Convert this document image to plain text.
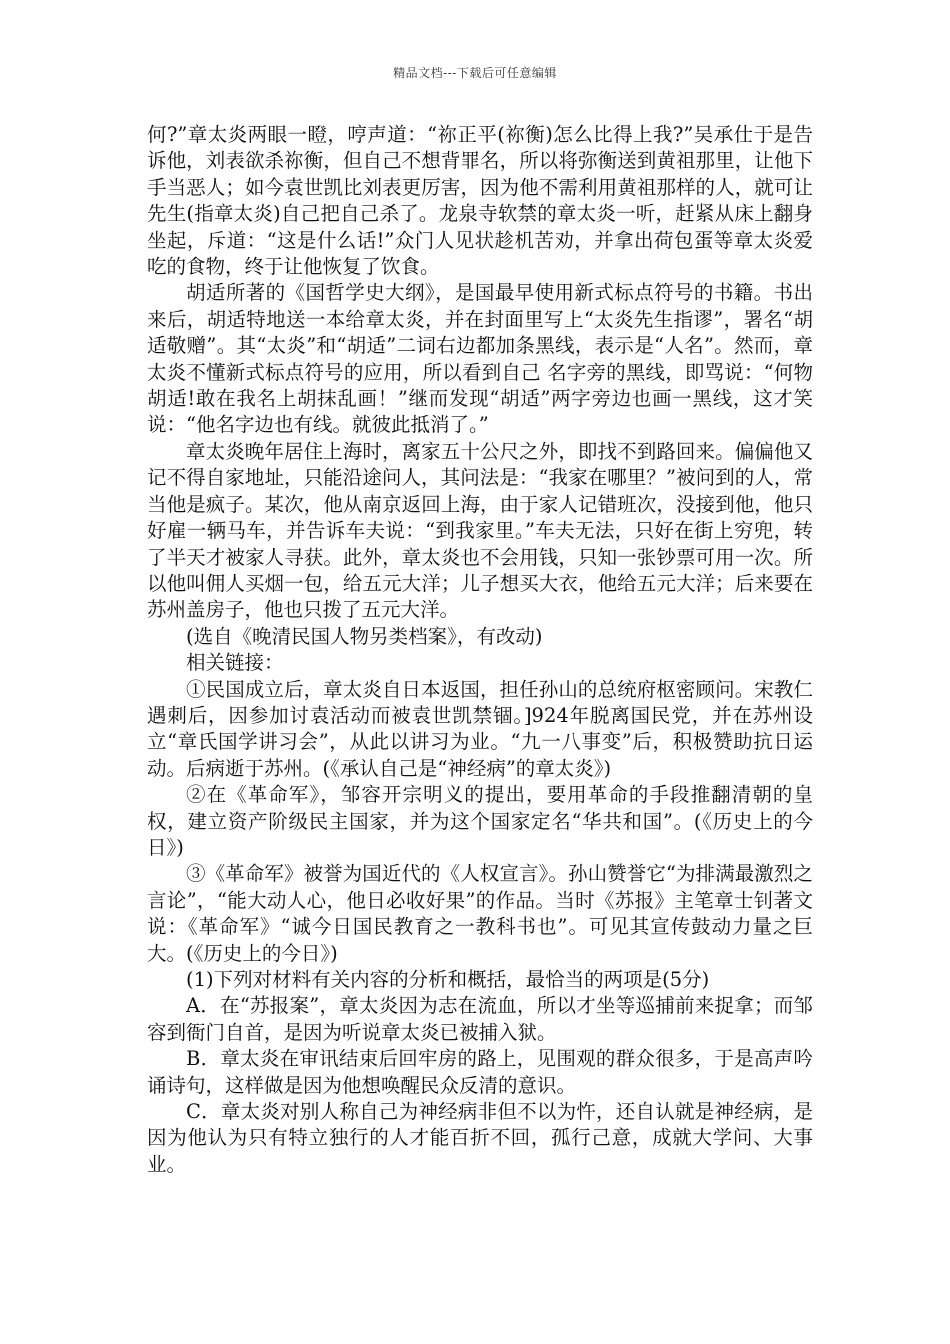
精品文档---下载后可任意编辑

何?”章太炎两眼一瞪，哼声道：“祢正平(祢衡)怎么比得上我?”吴承仕于是告诉他，刘表欲杀祢衡，但自己不想背罪名，所以将弥衡送到黄祖那里，让他下手当恶人；如今袁世凯比刘表更厉害，因为他不需利用黄祖那样的人，就可让先生(指章太炎)自己把自己杀了。龙泉寺软禁的章太炎一听，赶紧从床上翻身坐起，斥道：“这是什么话!”众门人见状趁机苦劝，并拿出荷包蛋等章太炎爱吃的食物，终于让他恢复了饮食。

胡适所著的《国哲学史大纲》，是国最早使用新式标点符号的书籍。书出来后，胡适特地送一本给章太炎，并在封面里写上“太炎先生指谬”，署名“胡适敬赠”。其“太炎”和“胡适”二词右边都加条黑线，表示是“人名”。然而，章太炎不懂新式标点符号的应用，所以看到自己 名字旁的黑线，即骂说：“何物胡适!敢在我名上胡抹乱画！”继而发现“胡适”两字旁边也画一黑线，这才笑说：“他名字边也有线。就彼此抵消了。”

章太炎晚年居住上海时，离家五十公尺之外，即找不到路回来。偏偏他又记不得自家地址，只能沿途问人，其问法是：“我家在哪里？”被问到的人，常当他是疯子。某次，他从南京返回上海，由于家人记错班次，没接到他，他只好雇一辆马车，并告诉车夫说：“到我家里。”车夫无法，只好在街上穷兜，转了半天才被家人寻获。此外，章太炎也不会用钱，只知一张钞票可用一次。所以他叫佣人买烟一包，给五元大洋；儿子想买大衣，他给五元大洋；后来要在苏州盖房子，他也只拨了五元大洋。

(选自《晚清民国人物另类档案》，有改动)

相关链接：

①民国成立后，章太炎自日本返国，担任孙山的总统府枢密顾问。宋教仁遇刺后，因参加讨袁活动而被袁世凯禁锢。]924年脱离国民党，并在苏州设立“章氏国学讲习会”，从此以讲习为业。“九一八事变”后，积极赞助抗日运动。后病逝于苏州。(《承认自己是“神经病”的章太炎》)

②在《革命军》，邹容开宗明义的提出，要用革命的手段推翻清朝的皇权，建立资产阶级民主国家，并为这个国家定名“华共和国”。(《历史上的今日》)

③《革命军》被誉为国近代的《人权宣言》。孙山赞誉它“为排满最激烈之言论”，“能大动人心，他日必收好果”的作品。当时《苏报》主笔章士钊著文说：《革命军》“诚今日国民教育之一教科书也”。可见其宣传鼓动力量之巨大。(《历史上的今日》)

(1)下列对材料有关内容的分析和概括，最恰当的两项是(5分)

A．在“苏报案”，章太炎因为志在流血，所以才坐等巡捕前来捉拿；而邹容到衙门自首，是因为听说章太炎已被捕入狱。

B．章太炎在审讯结束后回牢房的路上，见围观的群众很多，于是高声吟诵诗句，这样做是因为他想唤醒民众反清的意识。

C．章太炎对别人称自己为神经病非但不以为忤，还自认就是神经病，是因为他认为只有特立独行的人才能百折不回，孤行己意，成就大学问、大事业。
